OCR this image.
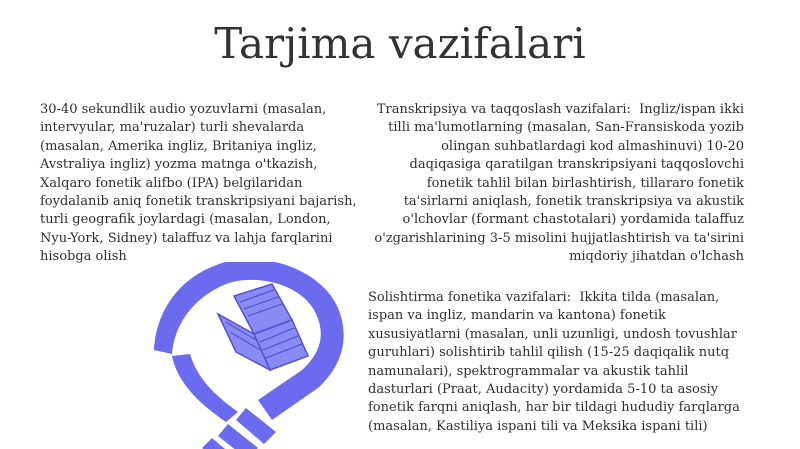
Tarjima vazifalari
30-40 sekundlik audio yozuvlarni (masalan, intervyular, ma'ruzalar) turli shevalarda (masalan, Amerika ingliz, Britaniya ingliz, Avstraliya ingliz) yozma matnga o'tkazish, Xalqaro fonetik alifbo (IPA) belgilaridan foydalanib aniq fonetik transkripsiyani bajarish, turli geografik joylardagi (masalan, London, Nyu-York, Sidney) talaffuz va lahja farqlarini hisobga olish
Transkripsiya va taqqoslash vazifalari: Ingliz/ispan ikki tilli ma'lumotlarning (masalan, San-Fransiskoda yozib olingan suhbatlardagi kod almashinuvi) 10-20 daqiqasiga qaratilgan transkripsiyani taqqoslovchi fonetik tahlil bilan birlashtirish, tillararo fonetik ta'sirlarni aniqlash, fonetik transkripsiya va akustik o'lchovlar (formant chastotalari) yordamida talaffuz o'zgarishlarining 3-5 misolini hujjatlashtirish va ta'sirini miqdoriy jihatdan o'lchash
Solishtirma fonetika vazifalari: Ikkita tilda (masalan, ispan va ingliz, mandarin va kantona) fonetik xususiyatlarni (masalan, unli uzunligi, undosh tovushlar guruhlari) solishtirib tahlil qilish (15-25 daqiqalik nutq namunalari), spektrogrammalar va akustik tahlil dasturlari (Praat, Audacity) yordamida 5-10 ta asosiy fonetik farqni aniqlash, har bir tildagi hududiy farqlarga (masalan, Kastiliya ispani tili va Meksika ispani tili)
